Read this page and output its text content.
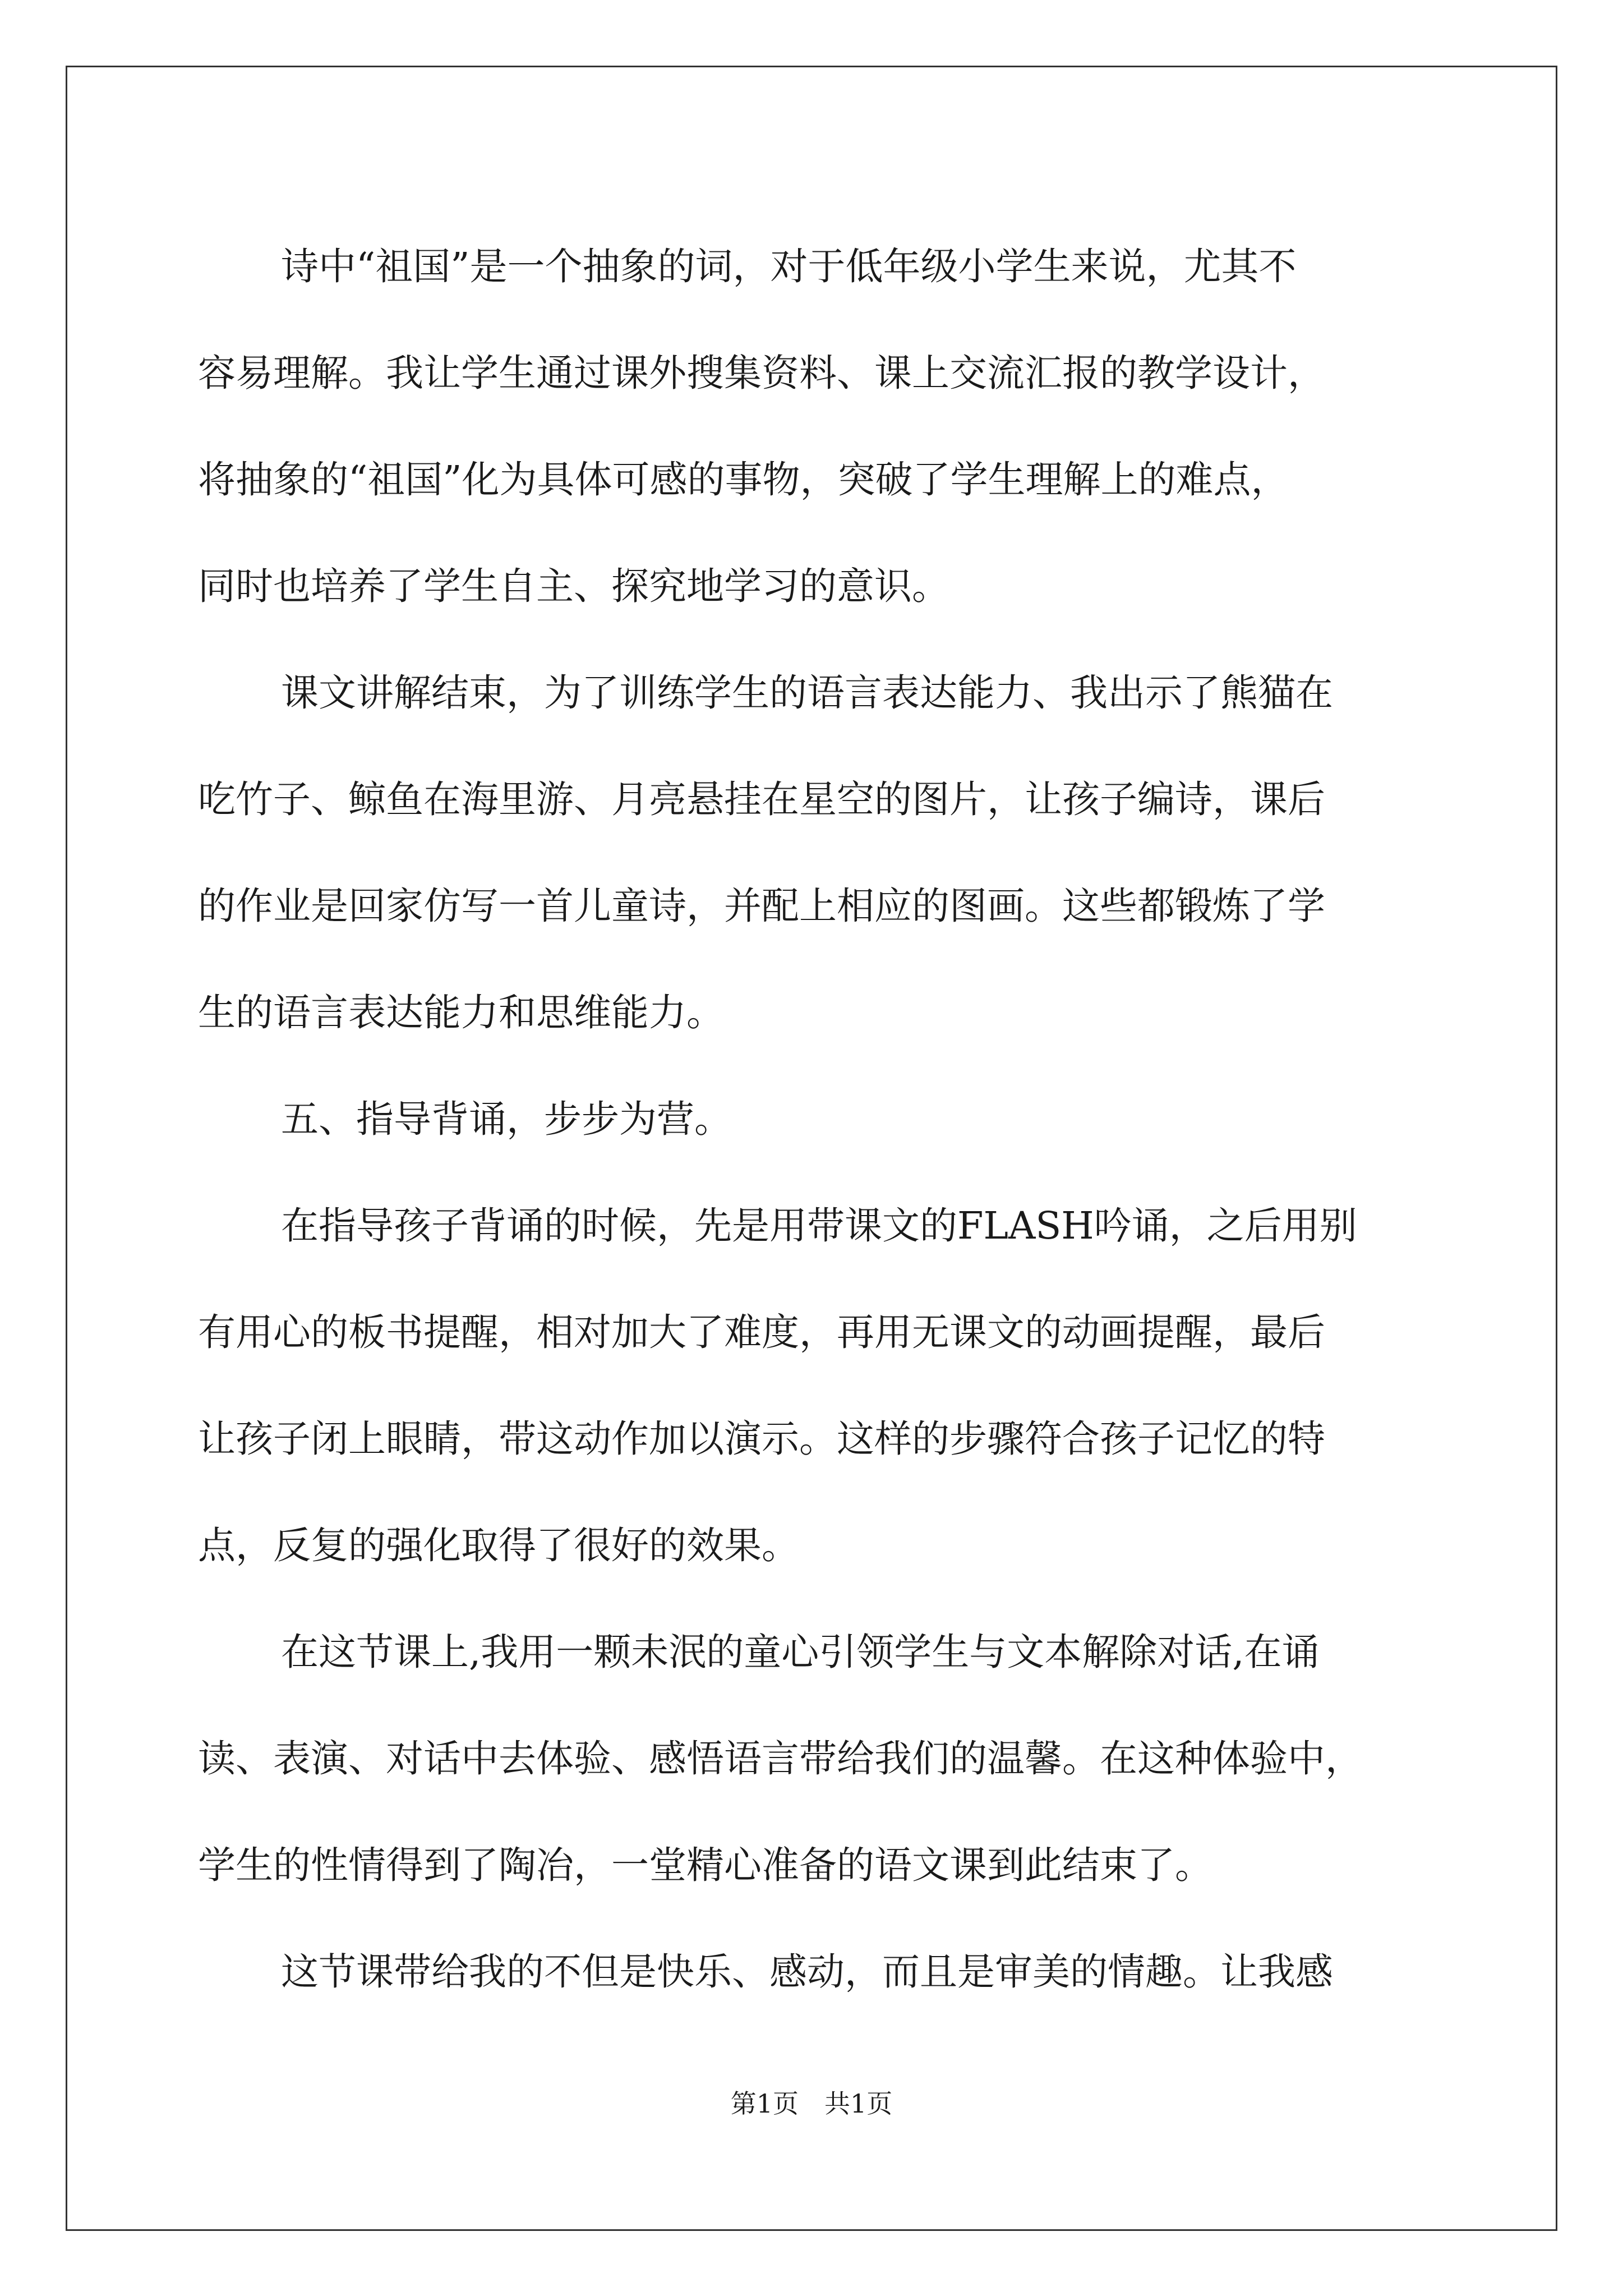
诗中“祖国”是一个抽象的词，对于低年级小学生来说，尤其不

容易理解。我让学生通过课外搜集资料、课上交流汇报的教学设计，

将抽象的“祖国”化为具体可感的事物，突破了学生理解上的难点，

同时也培养了学生自主、探究地学习的意识。

课文讲解结束，为了训练学生的语言表达能力、我出示了熊猫在

吃竹子、鲸鱼在海里游、月亮悬挂在星空的图片，让孩子编诗，课后

的作业是回家仿写一首儿童诗，并配上相应的图画。这些都锻炼了学

生的语言表达能力和思维能力。

五、指导背诵，步步为营。

在指导孩子背诵的时候，先是用带课文的FLASH吟诵，之后用别

有用心的板书提醒，相对加大了难度，再用无课文的动画提醒，最后

让孩子闭上眼睛，带这动作加以演示。这样的步骤符合孩子记忆的特

点，反复的强化取得了很好的效果。

在这节课上,我用一颗未泯的童心引领学生与文本解除对话,在诵

读、表演、对话中去体验、感悟语言带给我们的温馨。在这种体验中，

学生的性情得到了陶冶，一堂精心准备的语文课到此结束了。

这节课带给我的不但是快乐、感动，而且是审美的情趣。让我感

第1页　共1页
